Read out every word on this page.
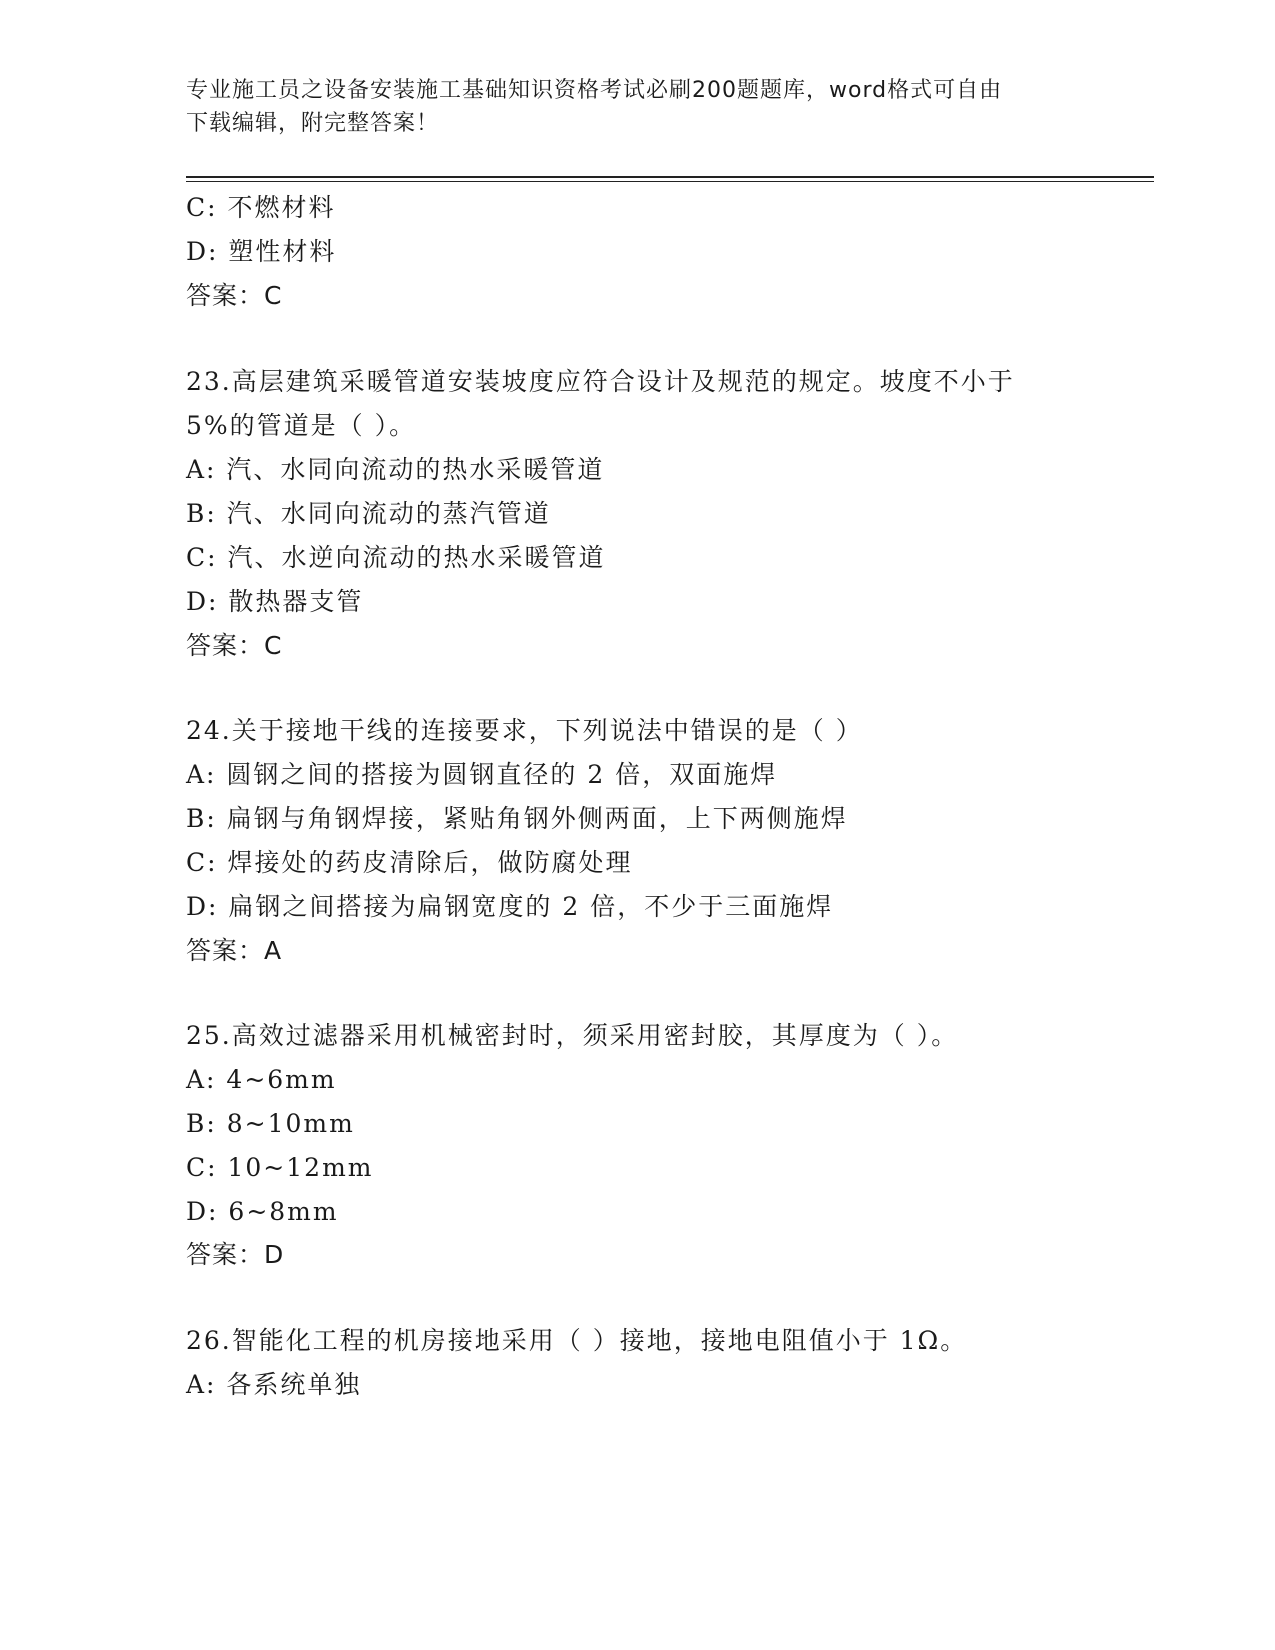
专业施工员之设备安装施工基础知识资格考试必刷200题题库，word格式可自由
下载编辑，附完整答案！
C: 不燃材料
D: 塑性材料
答案：C
23.高层建筑采暖管道安装坡度应符合设计及规范的规定。坡度不小于
5%的管道是（ ）。
A: 汽、水同向流动的热水采暖管道
B: 汽、水同向流动的蒸汽管道
C: 汽、水逆向流动的热水采暖管道
D: 散热器支管
答案：C
24.关于接地干线的连接要求，下列说法中错误的是（ ）
A: 圆钢之间的搭接为圆钢直径的 2 倍，双面施焊
B: 扁钢与角钢焊接，紧贴角钢外侧两面，上下两侧施焊
C: 焊接处的药皮清除后，做防腐处理
D: 扁钢之间搭接为扁钢宽度的 2 倍，不少于三面施焊
答案：A
25.高效过滤器采用机械密封时，须采用密封胶，其厚度为（ ）。
A: 4~6mm
B: 8~10mm
C: 10~12mm
D: 6~8mm
答案：D
26.智能化工程的机房接地采用（ ）接地，接地电阻值小于 1Ω。
A: 各系统单独
